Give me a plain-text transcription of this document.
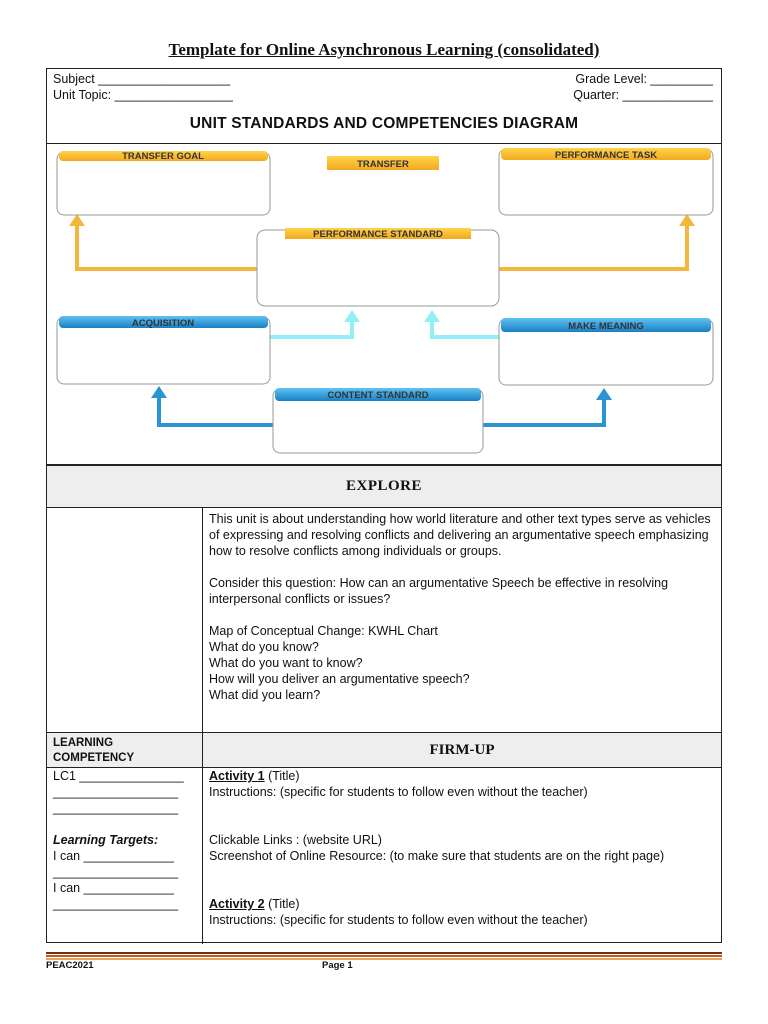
Template for Online Asynchronous Learning (consolidated)
Subject ___________________
Unit Topic: _________________
Grade Level: _________
Quarter: _____________
UNIT STANDARDS AND COMPETENCIES DIAGRAM
TRANSFER GOAL
TRANSFER
PERFORMANCE TASK
PERFORMANCE STANDARD
ACQUISITION	MAKE MEANING
CONTENT STANDARD
EXPLORE
This unit is about understanding how world literature and other text types serve as vehicles of expressing and resolving conflicts and delivering an argumentative speech emphasizing how to resolve conflicts among individuals or groups.
Consider this question: How can an argumentative Speech be effective in resolving interpersonal conflicts or issues?
Map of Conceptual Change: KWHL Chart
What do you know?
What do you want to know?
How will you deliver an argumentative speech?
What did you learn?
LEARNING COMPETENCY
FIRM-UP
LC1 _______________
__________________
__________________
Learning Targets:
I can _____________
__________________
I can _____________
__________________
Activity 1 (Title)
Instructions: (specific for students to follow even without the teacher)
Clickable Links : (website URL)
Screenshot of Online Resource: (to make sure that students are on the right page)
Activity 2 (Title)
Instructions: (specific for students to follow even without the teacher)
PEAC2021	Page 1
